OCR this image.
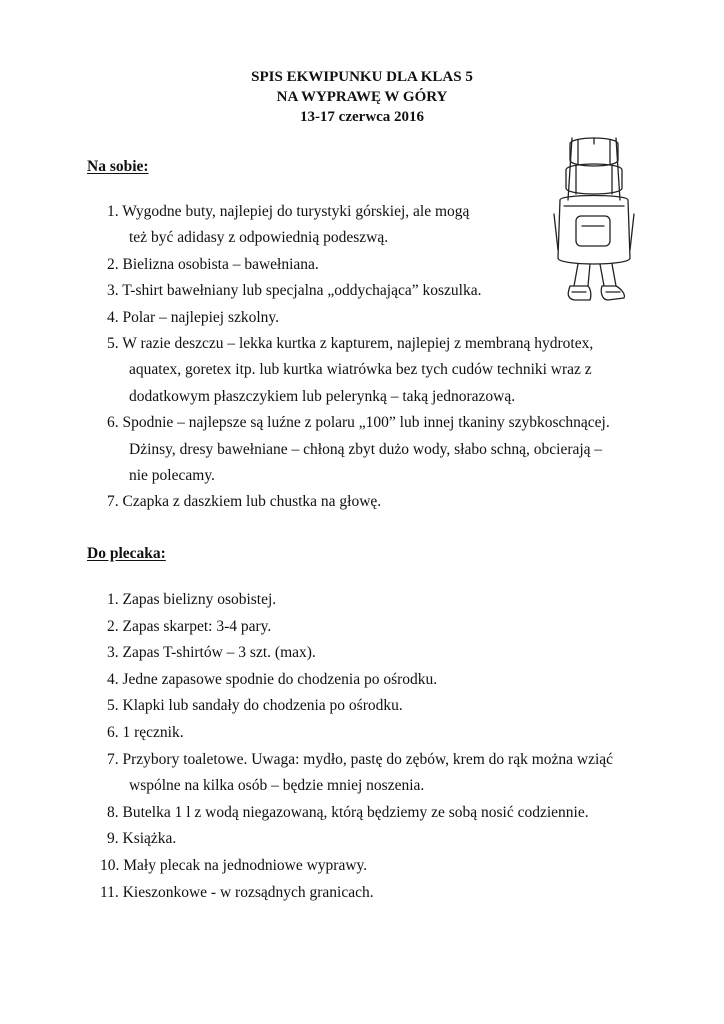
SPIS EKWIPUNKU DLA KLAS 5
NA WYPRAWĘ W GÓRY
13-17 czerwca 2016
Na sobie:
1. Wygodne buty, najlepiej do turystyki górskiej, ale mogą
też być adidasy z odpowiednią podeszwą.
2. Bielizna osobista – bawełniana.
3. T-shirt bawełniany lub specjalna „oddychająca” koszulka.
4. Polar – najlepiej szkolny.
5. W razie deszczu – lekka kurtka z kapturem, najlepiej z membraną hydrotex,
aquatex, goretex itp. lub kurtka wiatrówka bez tych cudów techniki wraz z
dodatkowym płaszczykiem lub pelerynką – taką jednorazową.
6. Spodnie – najlepsze są luźne z polaru „100” lub innej tkaniny szybkoschnącej.
Dżinsy, dresy bawełniane – chłoną zbyt dużo wody, słabo schną, obcierają –
nie polecamy.
7. Czapka z daszkiem lub chustka na głowę.
Do plecaka:
1. Zapas bielizny osobistej.
2. Zapas skarpet: 3-4 pary.
3. Zapas T-shirtów – 3 szt. (max).
4. Jedne zapasowe spodnie do chodzenia po ośrodku.
5. Klapki lub sandały do chodzenia po ośrodku.
6. 1 ręcznik.
7. Przybory toaletowe. Uwaga: mydło, pastę do zębów, krem do rąk można wziąć
wspólne na kilka osób – będzie mniej noszenia.
8. Butelka 1 l z wodą niegazowaną, którą będziemy ze sobą nosić codziennie.
9. Książka.
10. Mały plecak na jednodniowe wyprawy.
11. Kieszonkowe - w rozsądnych granicach.
